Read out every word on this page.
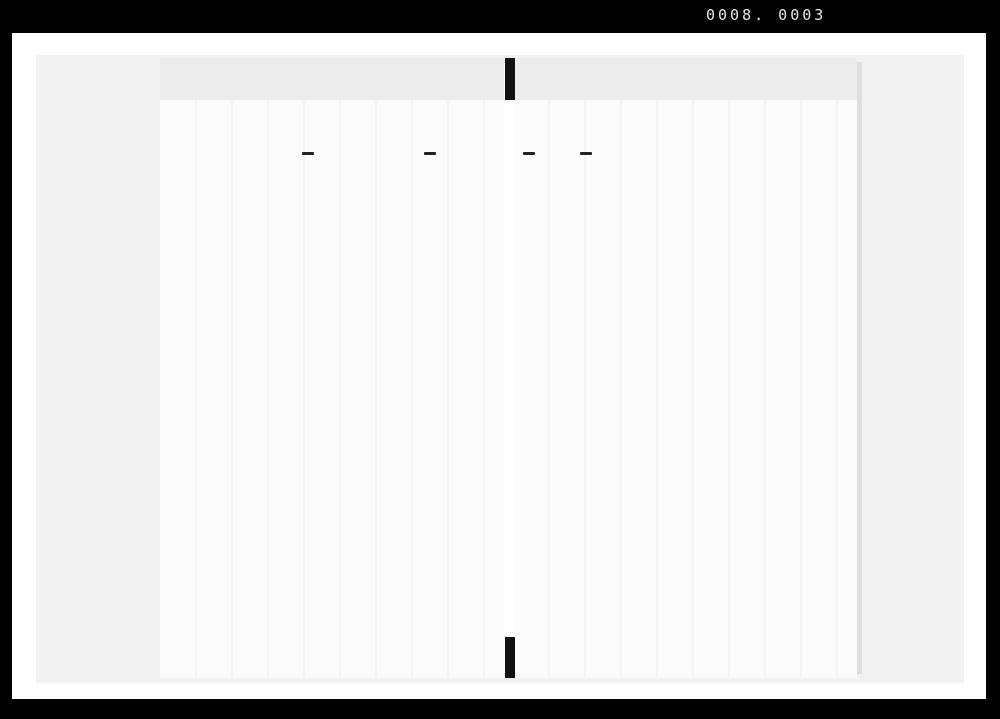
0008. 0003
